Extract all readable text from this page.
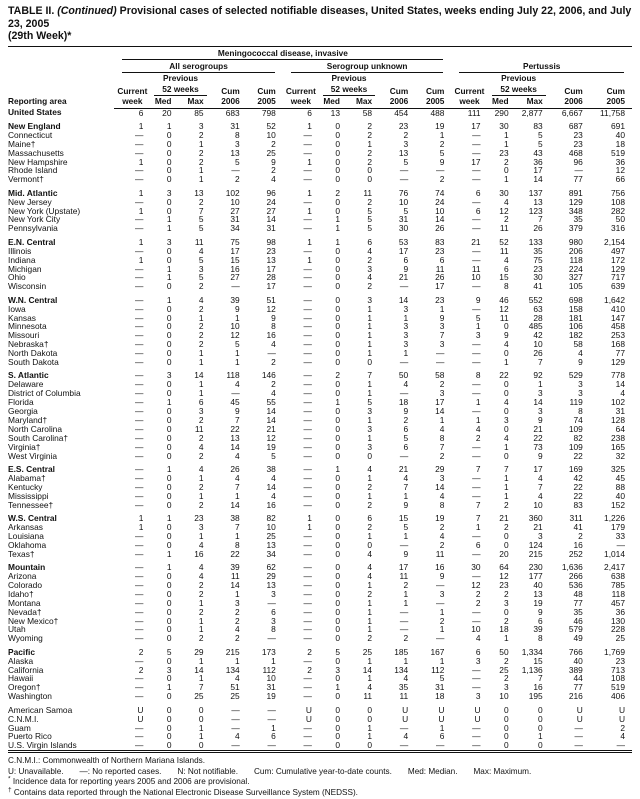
TABLE II. (Continued) Provisional cases of selected notifiable diseases, United States, weeks ending July 22, 2006, and July 23, 2005
(29th Week)*
Reporting area	Meningococcal disease, invasive														

	All serogroups					Serogroup unknown					Pertussis				

		Previous					Previous					Previous			
	Current	52 weeks		Cum	Cum	Current	52 weeks		Cum	Cum	Current	52 weeks		Cum	Cum
	week	Med	Max	2006	2005	week	Med	Max	2006	2005	week	Med	Max	2006	2005
United States	6	20	85	683	798	6	13	58	454	488	111	290	2,877	6,667	11,758
New England	1	1	3	31	52	1	0	2	23	19	17	30	83	687	691
Connecticut	—	0	2	8	10	—	0	2	2	1	—	1	5	23	40
Maine†	—	0	1	3	2	—	0	1	3	2	—	1	5	23	18
Massachusetts	—	0	2	13	25	—	0	2	13	5	—	23	43	468	519
New Hampshire	1	0	2	5	9	1	0	2	5	9	17	2	36	96	36
Rhode Island	—	0	1	—	2	—	0	0	—	—	—	0	17	—	12
Vermont†	—	0	1	2	4	—	0	0	—	2	—	1	14	77	66
Mid. Atlantic	1	3	13	102	96	1	2	11	76	74	6	30	137	891	756
New Jersey	—	0	2	10	24	—	0	2	10	24	—	4	13	129	108
New York (Upstate)	1	0	7	27	27	1	0	5	5	10	6	12	123	348	282
New York City	—	1	5	31	14	—	1	5	31	14	—	2	7	35	50
Pennsylvania	—	1	5	34	31	—	1	5	30	26	—	11	26	379	316
E.N. Central	1	3	11	75	98	1	1	6	53	83	21	52	133	980	2,154
Illinois	—	0	4	17	23	—	0	4	17	23	—	11	35	206	497
Indiana	1	0	5	15	13	1	0	2	6	6	—	4	75	118	172
Michigan	—	1	3	16	17	—	0	3	9	11	11	6	23	224	129
Ohio	—	1	5	27	28	—	0	4	21	26	10	15	30	327	717
Wisconsin	—	0	2	—	17	—	0	2	—	17	—	8	41	105	639
W.N. Central	—	1	4	39	51	—	0	3	14	23	9	46	552	698	1,642
Iowa	—	0	2	9	12	—	0	1	3	1	—	12	63	158	410
Kansas	—	0	1	1	9	—	0	1	1	9	5	11	28	181	147
Minnesota	—	0	2	10	8	—	0	1	3	3	1	0	485	106	458
Missouri	—	0	2	12	16	—	0	1	3	7	3	9	42	182	253
Nebraska†	—	0	2	5	4	—	0	1	3	3	—	4	10	58	168
North Dakota	—	0	1	1	—	—	0	1	1	—	—	0	26	4	77
South Dakota	—	0	1	1	2	—	0	0	—	—	—	1	7	9	129
S. Atlantic	—	3	14	118	146	—	2	7	50	58	8	22	92	529	778
Delaware	—	0	1	4	2	—	0	1	4	2	—	0	1	3	14
District of Columbia	—	0	1	—	4	—	0	1	—	3	—	0	3	3	4
Florida	—	1	6	45	55	—	1	5	18	17	1	4	14	119	102
Georgia	—	0	3	9	14	—	0	3	9	14	—	0	3	8	31
Maryland†	—	0	2	7	14	—	0	1	2	1	1	3	9	74	128
North Carolina	—	0	11	22	21	—	0	3	6	4	4	0	21	109	64
South Carolina†	—	0	2	13	12	—	0	1	5	8	2	4	22	82	238
Virginia†	—	0	4	14	19	—	0	3	6	7	—	1	73	109	165
West Virginia	—	0	2	4	5	—	0	0	—	2	—	0	9	22	32
E.S. Central	—	1	4	26	38	—	1	4	21	29	7	7	17	169	325
Alabama†	—	0	1	4	4	—	0	1	4	3	—	1	4	42	45
Kentucky	—	0	2	7	14	—	0	2	7	14	—	1	7	22	88
Mississippi	—	0	1	1	4	—	0	1	1	4	—	1	4	22	40
Tennessee†	—	0	2	14	16	—	0	2	9	8	7	2	10	83	152
W.S. Central	1	1	23	38	82	1	0	6	15	19	7	21	360	311	1,226
Arkansas	1	0	3	7	10	1	0	2	5	2	1	2	21	41	179
Louisiana	—	0	1	1	25	—	0	1	1	4	—	0	3	2	33
Oklahoma	—	0	4	8	13	—	0	0	—	2	6	0	124	16	—
Texas†	—	1	16	22	34	—	0	4	9	11	—	20	215	252	1,014
Mountain	—	1	4	39	62	—	0	4	17	16	30	64	230	1,636	2,417
Arizona	—	0	4	11	29	—	0	4	11	9	—	12	177	266	638
Colorado	—	0	2	14	13	—	0	1	2	—	12	23	40	536	785
Idaho†	—	0	2	1	3	—	0	2	1	3	2	2	13	48	118
Montana	—	0	1	3	—	—	0	1	1	—	2	3	19	77	457
Nevada†	—	0	2	2	6	—	0	1	—	1	—	0	9	35	36
New Mexico†	—	0	1	2	3	—	0	1	—	2	—	2	6	46	130
Utah	—	0	1	4	8	—	0	1	—	1	10	18	39	579	228
Wyoming	—	0	2	2	—	—	0	2	2	—	4	1	8	49	25
Pacific	2	5	29	215	173	2	5	25	185	167	6	50	1,334	766	1,769
Alaska	—	0	1	1	1	—	0	1	1	1	3	2	15	40	23
California	2	3	14	134	112	2	3	14	134	112	—	25	1,136	389	713
Hawaii	—	0	1	4	10	—	0	1	4	5	—	2	7	44	108
Oregon†	—	1	7	51	31	—	1	4	35	31	—	3	16	77	519
Washington	—	0	25	25	19	—	0	11	11	18	3	10	195	216	406
American Samoa	U	0	0	—	—	U	0	0	U	U	U	0	0	U	U
C.N.M.I.	U	0	0	—	—	U	0	0	U	U	U	0	0	U	U
Guam	—	0	1	—	1	—	0	1	—	1	—	0	0	—	2
Puerto Rico	—	0	1	4	6	—	0	1	4	6	—	0	1	—	4
U.S. Virgin Islands	—	0	0	—	—	—	0	0	—	—	—	0	0	—	—
C.N.M.I.: Commonwealth of Northern Mariana Islands.
U: Unavailable. —: No reported cases. N: Not notifiable. Cum: Cumulative year-to-date counts. Med: Median. Max: Maximum.
* Incidence data for reporting years 2005 and 2006 are provisional.
† Contains data reported through the National Electronic Disease Surveillance System (NEDSS).
